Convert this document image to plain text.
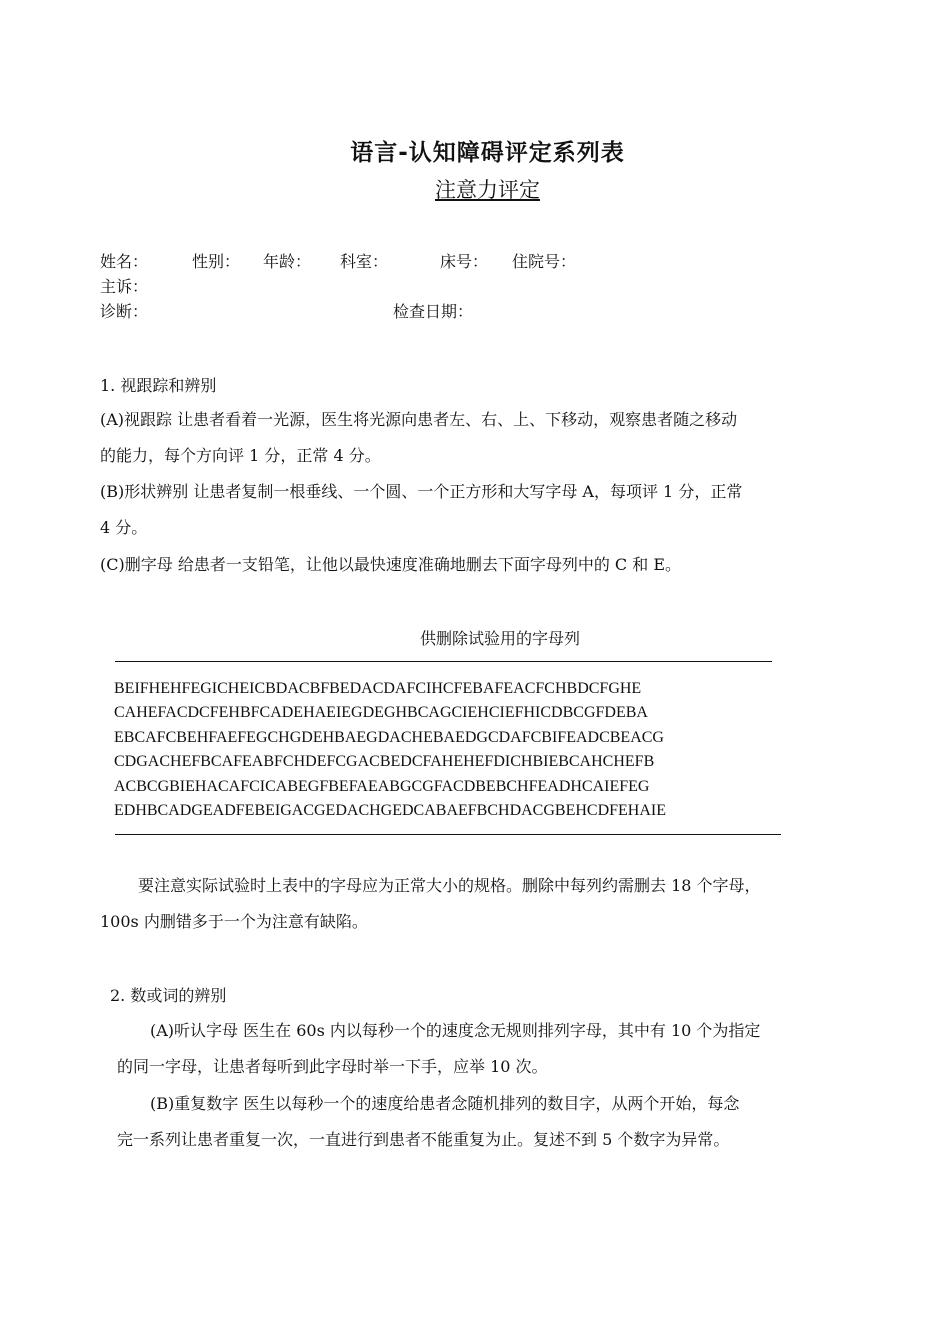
语言-认知障碍评定系列表
注意力评定
姓名：	性别： 年龄： 科室：	床号： 住院号：
主诉：
诊断：	检查日期：
1. 视跟踪和辨别
(A)视跟踪 让患者看着一光源，医生将光源向患者左、右、上、下移动，观察患者随之移动
的能力，每个方向评 1 分，正常 4 分。
(B)形状辨别 让患者复制一根垂线、一个圆、一个正方形和大写字母 A，每项评 1 分，正常
4 分。
(C)删字母 给患者一支铅笔，让他以最快速度准确地删去下面字母列中的 C 和 E。
供删除试验用的字母列
BEIFHEHFEGICHEICBDACBFBEDACDAFCIHCFEBAFEACFCHBDCFGHE
CAHEFACDCFEHBFCADEHAEIEGDEGHBCAGCIEHCIEFHICDBCGFDEBA
EBCAFCBEHFAEFEGCHGDEHBAEGDACHEBAEDGCDAFCBIFEADCBEACG
CDGACHEFBCAFEABFCHDEFCGACBEDCFAHEHEFDICHBIEBCAHCHEFB
ACBCGBIEHACAFCICABEGFBEFAEABGCGFACDBEBCHFEADHCAIEFEG
EDHBCADGEADFEBEIGACGEDACHGEDCABAEFBCHDACGBEHCDFEHAIE
要注意实际试验时上表中的字母应为正常大小的规格。删除中每列约需删去 18 个字母，
100s 内删错多于一个为注意有缺陷。
2. 数或词的辨别
(A)听认字母 医生在 60s 内以每秒一个的速度念无规则排列字母，其中有 10 个为指定
的同一字母，让患者每听到此字母时举一下手，应举 10 次。
(B)重复数字 医生以每秒一个的速度给患者念随机排列的数目字，从两个开始，每念
完一系列让患者重复一次，一直进行到患者不能重复为止。复述不到 5 个数字为异常。
